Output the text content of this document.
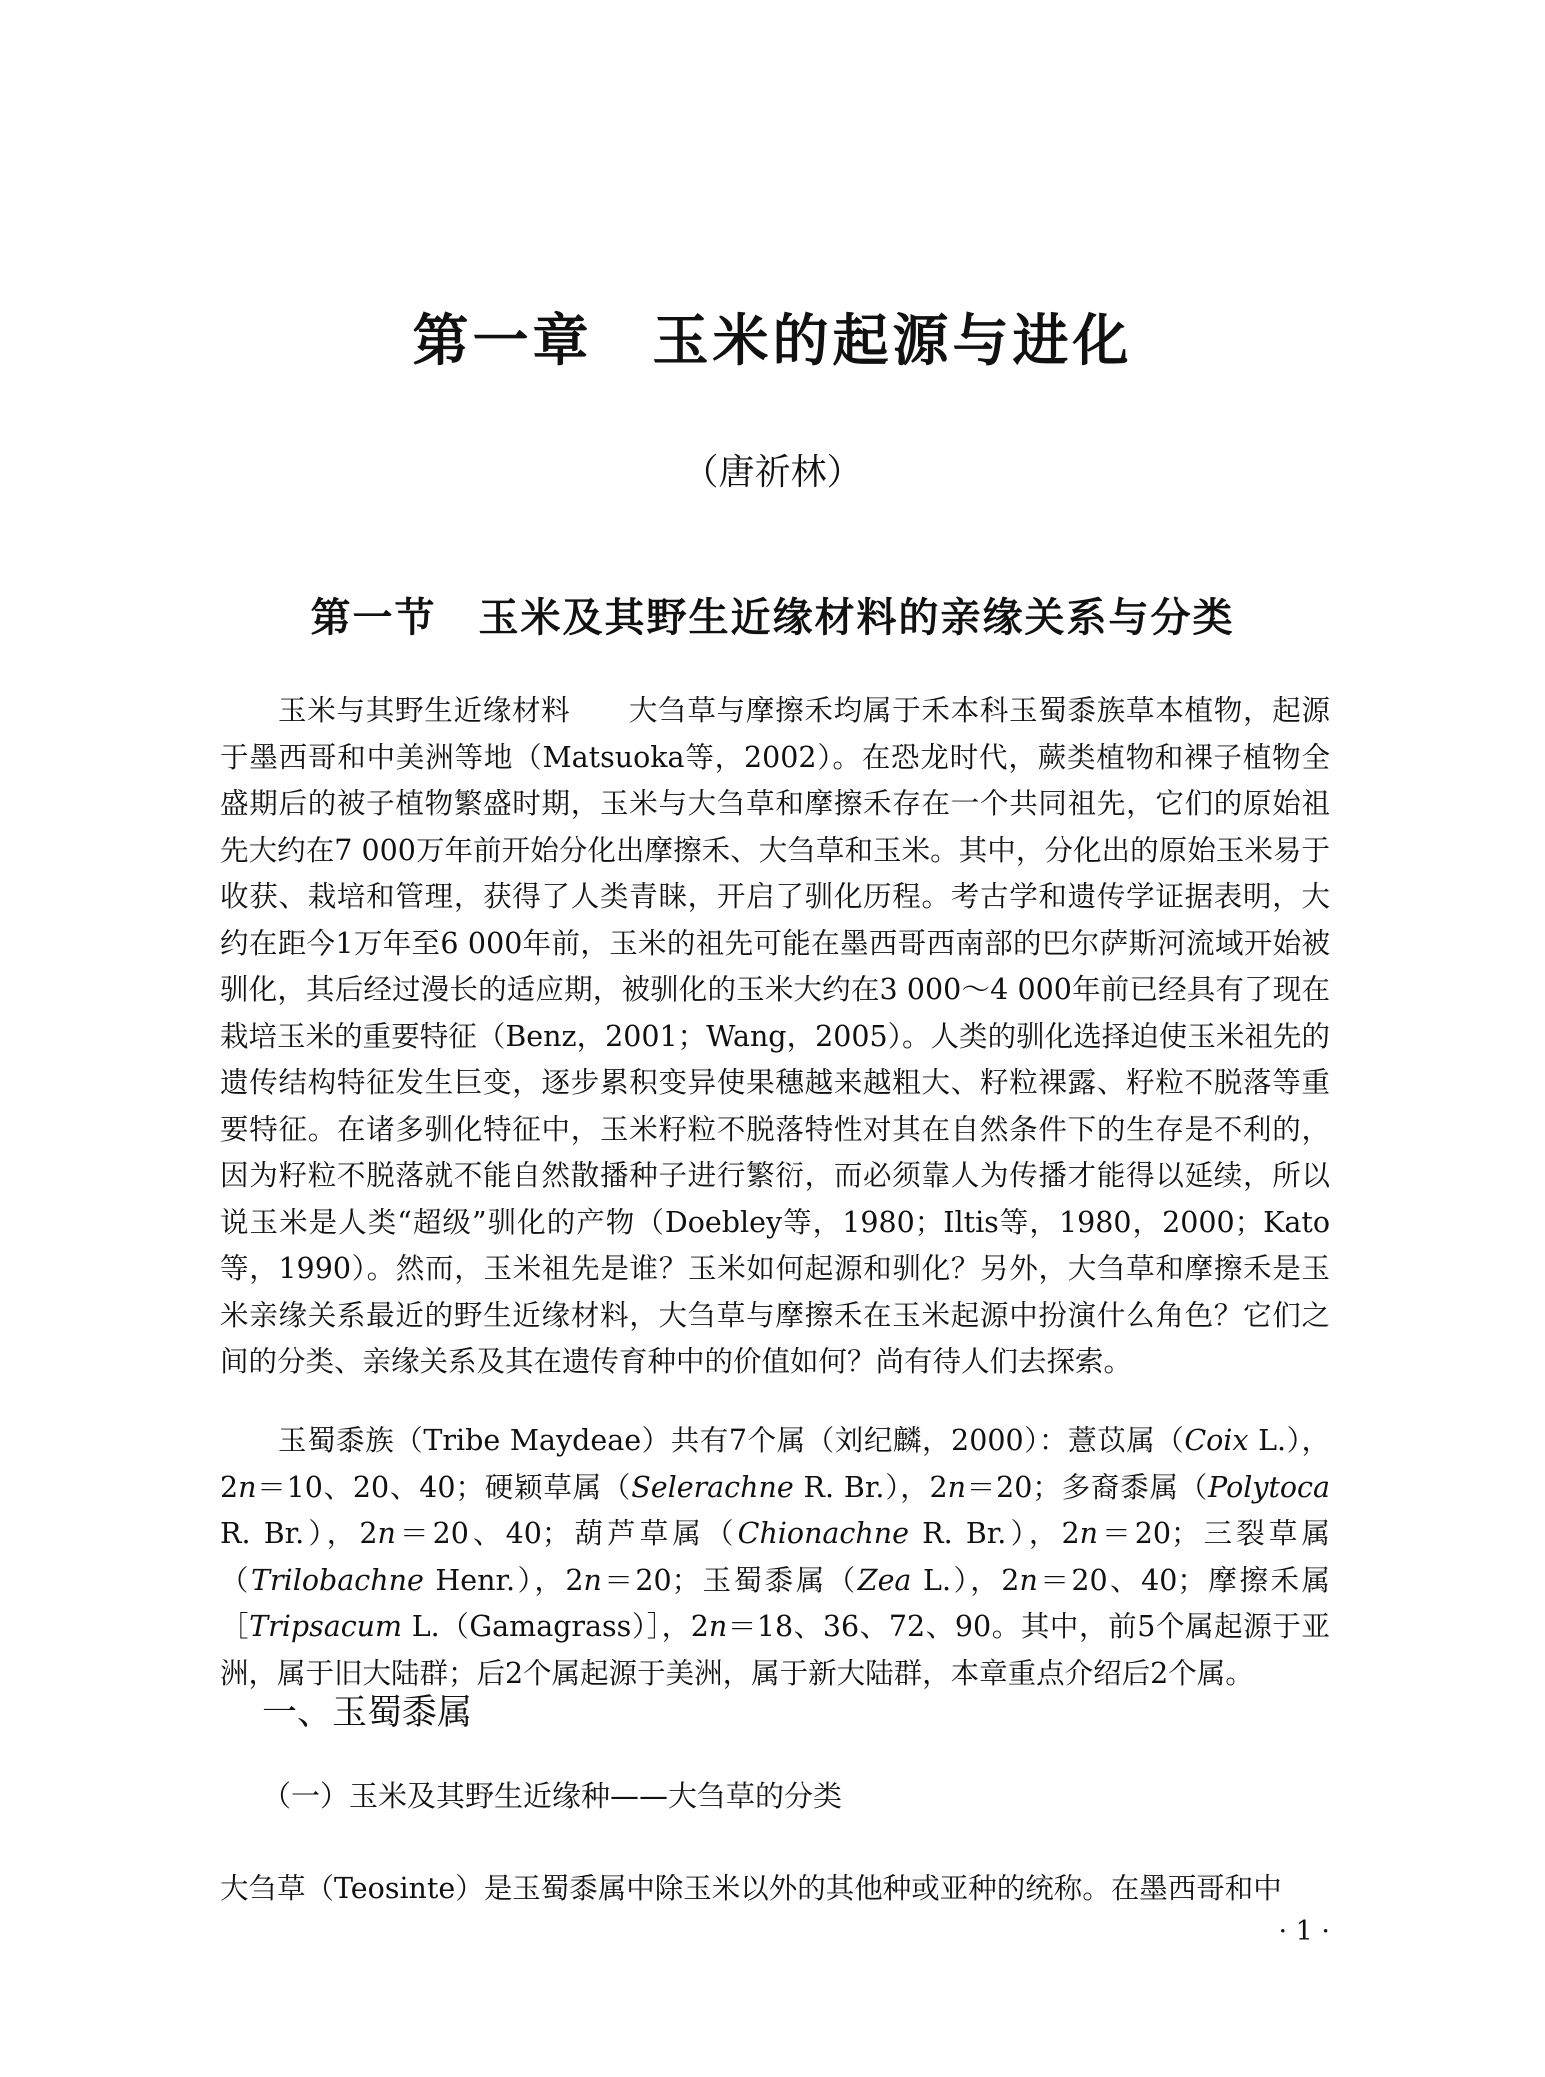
第一章　玉米的起源与进化
（唐祈林）
第一节　玉米及其野生近缘材料的亲缘关系与分类

玉米与其野生近缘材料　　大刍草与摩擦禾均属于禾本科玉蜀黍族草本植物，起源于墨西哥和中美洲等地（Matsuoka等，2002）。在恐龙时代，蕨类植物和裸子植物全盛期后的被子植物繁盛时期，玉米与大刍草和摩擦禾存在一个共同祖先，它们的原始祖先大约在7 000万年前开始分化出摩擦禾、大刍草和玉米。其中，分化出的原始玉米易于收获、栽培和管理，获得了人类青睐，开启了驯化历程。考古学和遗传学证据表明，大约在距今1万年至6 000年前，玉米的祖先可能在墨西哥西南部的巴尔萨斯河流域开始被驯化，其后经过漫长的适应期，被驯化的玉米大约在3 000～4 000年前已经具有了现在栽培玉米的重要特征（Benz，2001；Wang，2005）。人类的驯化选择迫使玉米祖先的遗传结构特征发生巨变，逐步累积变异使果穗越来越粗大、籽粒裸露、籽粒不脱落等重要特征。在诸多驯化特征中，玉米籽粒不脱落特性对其在自然条件下的生存是不利的，因为籽粒不脱落就不能自然散播种子进行繁衍，而必须靠人为传播才能得以延续，所以说玉米是人类“超级”驯化的产物（Doebley等，1980；Iltis等，1980，2000；Kato等，1990）。然而，玉米祖先是谁？玉米如何起源和驯化？另外，大刍草和摩擦禾是玉米亲缘关系最近的野生近缘材料，大刍草与摩擦禾在玉米起源中扮演什么角色？它们之间的分类、亲缘关系及其在遗传育种中的价值如何？尚有待人们去探索。

玉蜀黍族（Tribe Maydeae）共有7个属（刘纪麟，2000）：薏苡属（Coix L.），2n＝10、20、40；硬颖草属（Selerachne R. Br.），2n＝20；多裔黍属（Polytoca R. Br.），2n＝20、40；葫芦草属（Chionachne R. Br.），2n＝20；三裂草属（Trilobachne Henr.），2n＝20；玉蜀黍属（Zea L.），2n＝20、40；摩擦禾属［Tripsacum L.（Gamagrass）］，2n＝18、36、72、90。其中，前5个属起源于亚洲，属于旧大陆群；后2个属起源于美洲，属于新大陆群，本章重点介绍后2个属。

一、玉蜀黍属
（一）玉米及其野生近缘种——大刍草的分类

大刍草（Teosinte）是玉蜀黍属中除玉米以外的其他种或亚种的统称。在墨西哥和中

· 1 ·
